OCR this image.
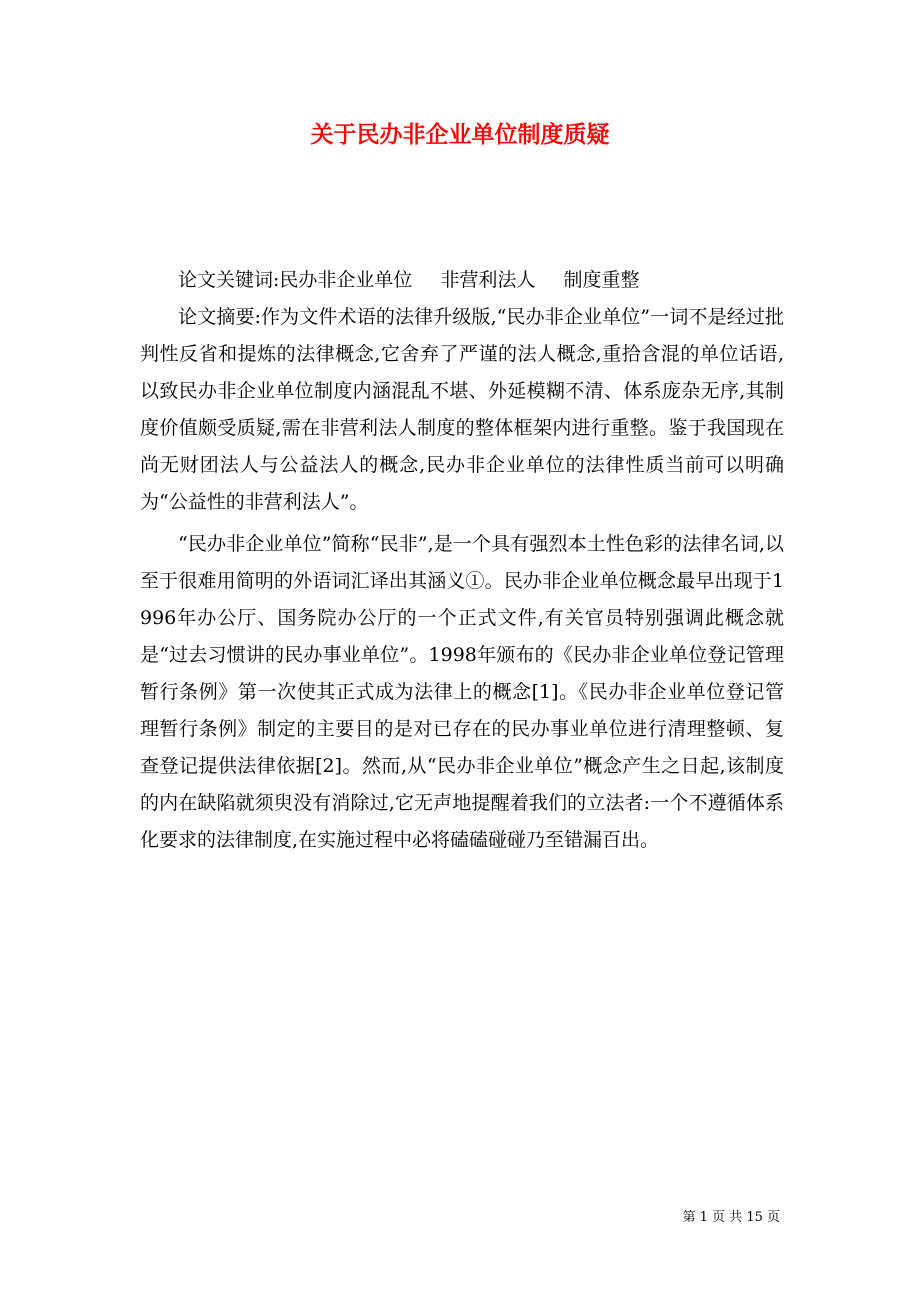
关于民办非企业单位制度质疑

论文关键词:民办非企业单位 非营利法人 制度重整

论文摘要:作为文件术语的法律升级版,“民办非企业单位”一词不是经过批判性反省和提炼的法律概念,它舍弃了严谨的法人概念,重拾含混的单位话语,以致民办非企业单位制度内涵混乱不堪、外延模糊不清、体系庞杂无序,其制度价值颇受质疑,需在非营利法人制度的整体框架内进行重整。鉴于我国现在尚无财团法人与公益法人的概念,民办非企业单位的法律性质当前可以明确为“公益性的非营利法人”。

“民办非企业单位”简称“民非”,是一个具有强烈本土性色彩的法律名词,以至于很难用简明的外语词汇译出其涵义①。民办非企业单位概念最早出现于1996年办公厅、国务院办公厅的一个正式文件,有关官员特别强调此概念就是“过去习惯讲的民办事业单位”。1998年颁布的《民办非企业单位登记管理暂行条例》第一次使其正式成为法律上的概念[1]。《民办非企业单位登记管理暂行条例》制定的主要目的是对已存在的民办事业单位进行清理整顿、复查登记提供法律依据[2]。然而,从“民办非企业单位”概念产生之日起,该制度的内在缺陷就须臾没有消除过,它无声地提醒着我们的立法者:一个不遵循体系化要求的法律制度,在实施过程中必将磕磕碰碰乃至错漏百出。

第 1 页 共 15 页
